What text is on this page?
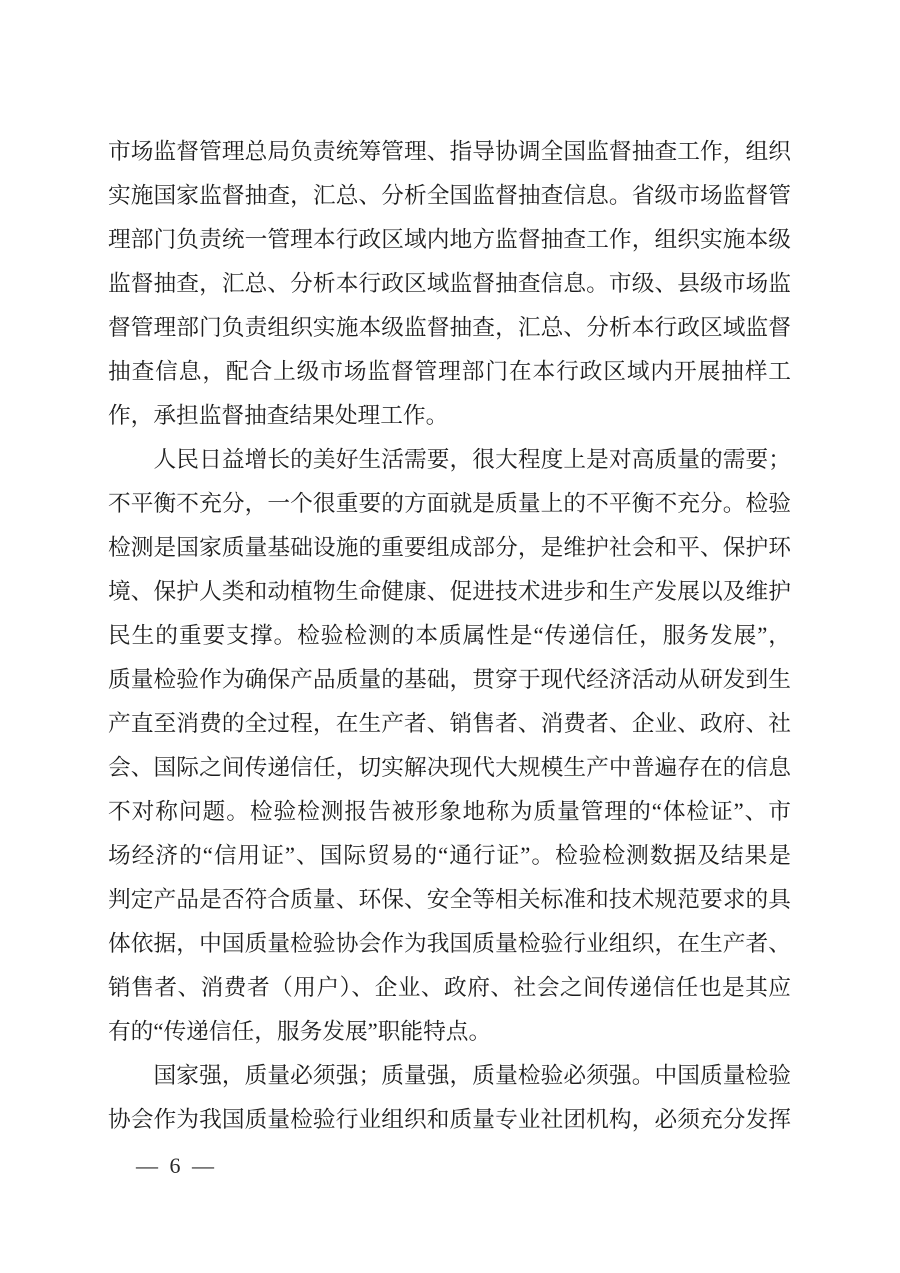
市场监督管理总局负责统筹管理、指导协调全国监督抽查工作，组织
实施国家监督抽查，汇总、分析全国监督抽查信息。省级市场监督管
理部门负责统一管理本行政区域内地方监督抽查工作，组织实施本级
监督抽查，汇总、分析本行政区域监督抽查信息。市级、县级市场监
督管理部门负责组织实施本级监督抽查，汇总、分析本行政区域监督
抽查信息，配合上级市场监督管理部门在本行政区域内开展抽样工
作，承担监督抽查结果处理工作。

　　人民日益增长的美好生活需要，很大程度上是对高质量的需要；
不平衡不充分，一个很重要的方面就是质量上的不平衡不充分。检验
检测是国家质量基础设施的重要组成部分，是维护社会和平、保护环
境、保护人类和动植物生命健康、促进技术进步和生产发展以及维护
民生的重要支撑。检验检测的本质属性是“传递信任，服务发展”，
质量检验作为确保产品质量的基础，贯穿于现代经济活动从研发到生
产直至消费的全过程，在生产者、销售者、消费者、企业、政府、社
会、国际之间传递信任，切实解决现代大规模生产中普遍存在的信息
不对称问题。检验检测报告被形象地称为质量管理的“体检证”、市
场经济的“信用证”、国际贸易的“通行证”。检验检测数据及结果是
判定产品是否符合质量、环保、安全等相关标准和技术规范要求的具
体依据，中国质量检验协会作为我国质量检验行业组织，在生产者、
销售者、消费者（用户）、企业、政府、社会之间传递信任也是其应
有的“传递信任，服务发展”职能特点。

　　国家强，质量必须强；质量强，质量检验必须强。中国质量检验
协会作为我国质量检验行业组织和质量专业社团机构，必须充分发挥

— 6 —
